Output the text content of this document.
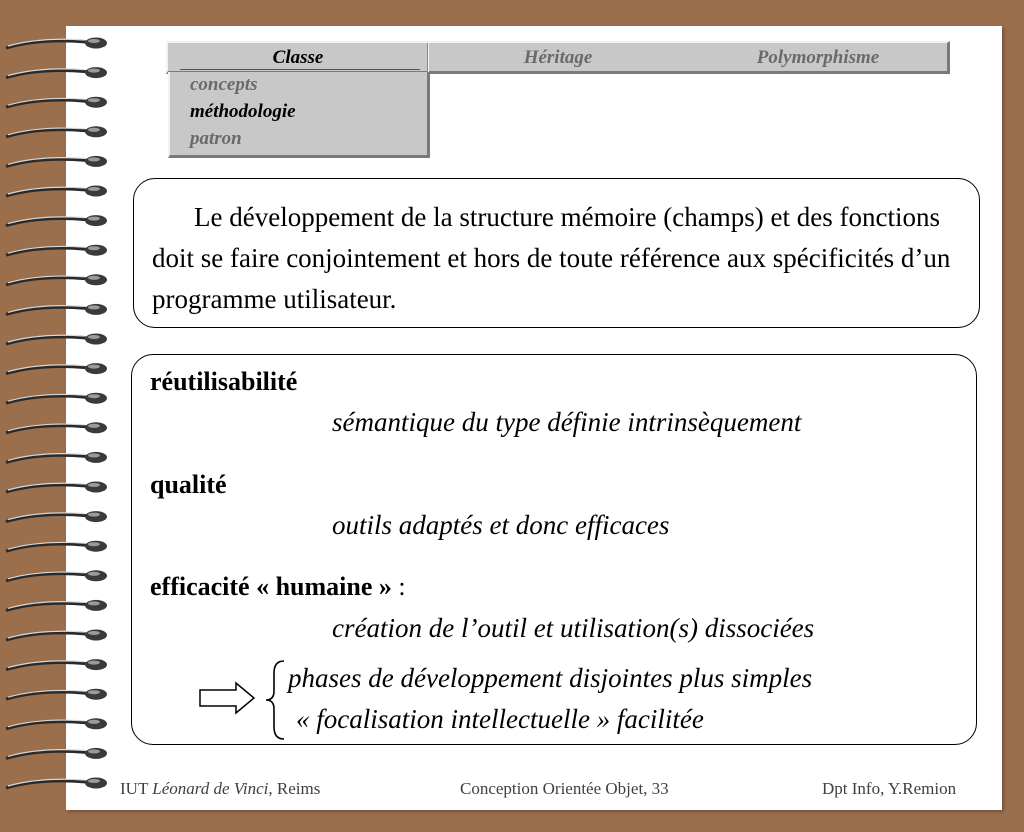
Classe	Héritage	Polymorphisme
concepts
méthodologie
patron

Le développement de la structure mémoire (champs) et des fonctions doit se faire conjointement et hors de toute référence aux spécificités d’un programme utilisateur.

réutilisabilité
sémantique du type définie intrinsèquement
qualité
outils adaptés et donc efficaces
efficacité « humaine » :
création de l’outil et utilisation(s) dissociées
phases de développement disjointes plus simples
« focalisation intellectuelle » facilitée
IUT Léonard de Vinci, Reims	Conception Orientée Objet, 33	Dpt Info, Y.Remion
